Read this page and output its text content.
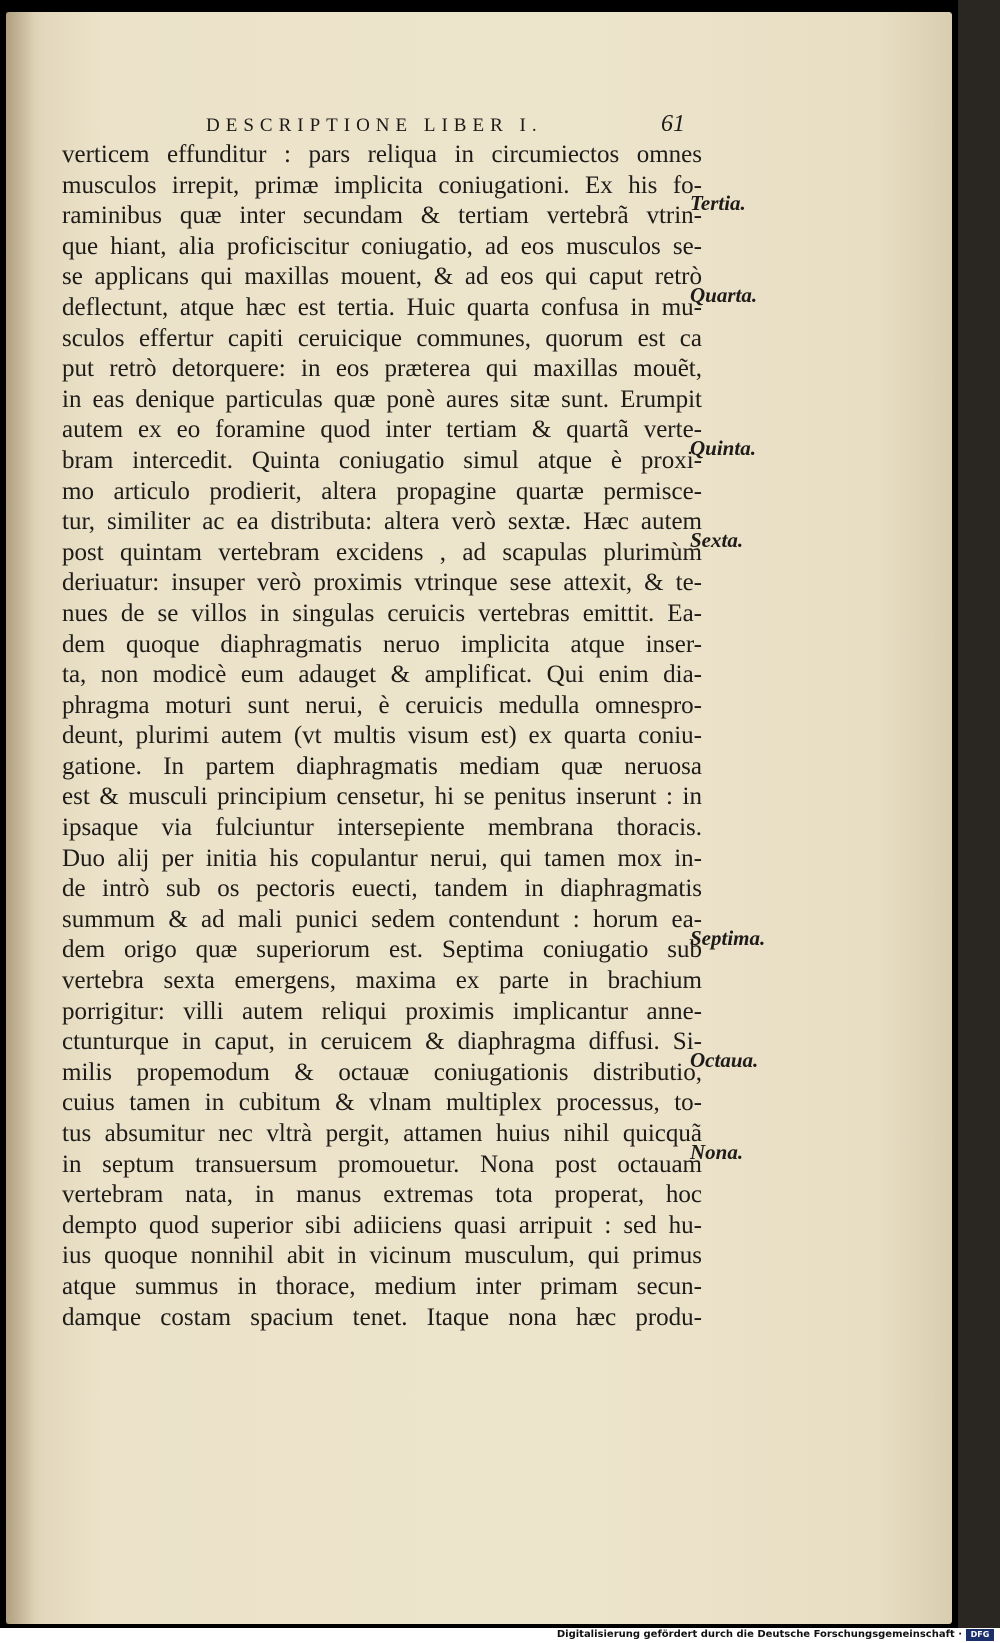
DESCRIPTIONE LIBER I.	61
verticem effunditur : pars reliqua in circumiectos omnes
musculos irrepit, primæ implicita coniugationi. Ex his fo-
raminibus quæ inter secundam & tertiam vertebrã vtrin-
que hiant, alia proficiscitur coniugatio, ad eos musculos se-
se applicans qui maxillas mouent, & ad eos qui caput retrò
deflectunt, atque hæc est tertia. Huic quarta confusa in mu-
sculos effertur capiti ceruicique communes, quorum est ca
put retrò detorquere: in eos præterea qui maxillas mouẽt,
in eas denique particulas quæ ponè aures sitæ sunt. Erumpit
autem ex eo foramine quod inter tertiam & quartã verte-
bram intercedit. Quinta coniugatio simul atque è proxi-
mo articulo prodierit, altera propagine quartæ permisce-
tur, similiter ac ea distributa: altera verò sextæ. Hæc autem
post quintam vertebram excidens , ad scapulas plurimùm
deriuatur: insuper verò proximis vtrinque sese attexit, & te-
nues de se villos in singulas ceruicis vertebras emittit. Ea-
dem quoque diaphragmatis neruo implicita atque inser-
ta, non modicè eum adauget & amplificat. Qui enim dia-
phragma moturi sunt nerui, è ceruicis medulla omnespro-
deunt, plurimi autem (vt multis visum est) ex quarta coniu-
gatione. In partem diaphragmatis mediam quæ neruosa
est & musculi principium censetur, hi se penitus inserunt : in
ipsaque via fulciuntur intersepiente membrana thoracis.
Duo alij per initia his copulantur nerui, qui tamen mox in-
de intrò sub os pectoris euecti, tandem in diaphragmatis
summum & ad mali punici sedem contendunt : horum ea-
dem origo quæ superiorum est. Septima coniugatio sub
vertebra sexta emergens, maxima ex parte in brachium
porrigitur: villi autem reliqui proximis implicantur anne-
ctunturque in caput, in ceruicem & diaphragma diffusi. Si-
milis propemodum & octauæ coniugationis distributio,
cuius tamen in cubitum & vlnam multiplex processus, to-
tus absumitur nec vltrà pergit, attamen huius nihil quicquã
in septum transuersum promouetur. Nona post octauam
vertebram nata, in manus extremas tota properat, hoc
dempto quod superior sibi adiiciens quasi arripuit : sed hu-
ius quoque nonnihil abit in vicinum musculum, qui primus
atque summus in thorace, medium inter primam secun-
damque costam spacium tenet. Itaque nona hæc produ-
Tertia.
Quarta.
Quinta.
Sexta.
Septima.
Octaua.
Nona.
Digitalisierung gefördert durch die Deutsche Forschungsgemeinschaft ·	DFG
